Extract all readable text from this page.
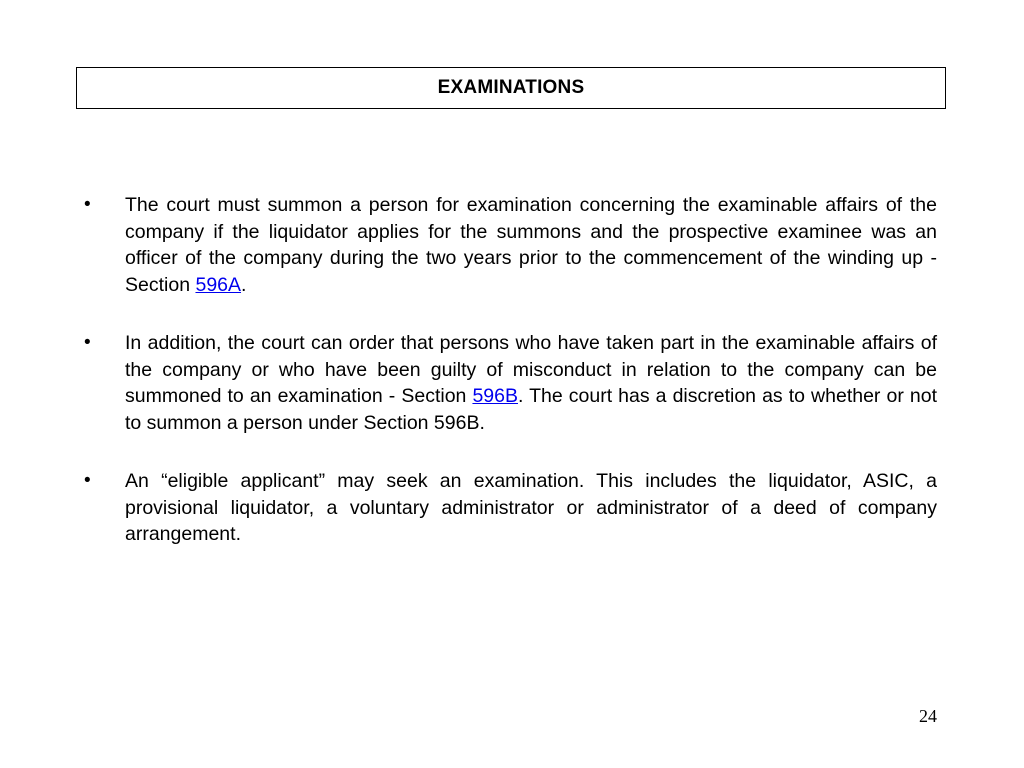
EXAMINATIONS
•	The court must summon a person for examination concerning the examinable affairs of the company if the liquidator applies for the summons and the prospective examinee was an officer of the company during the two years prior to the commencement of the winding up - Section 596A.
•	In addition, the court can order that persons who have taken part in the examinable affairs of the company or who have been guilty of misconduct in relation to the company can be summoned to an examination - Section 596B. The court has a discretion as to whether or not to summon a person under Section 596B.
•	An “eligible applicant” may seek an examination. This includes the liquidator, ASIC, a provisional liquidator, a voluntary administrator or administrator of a deed of company arrangement.
24
